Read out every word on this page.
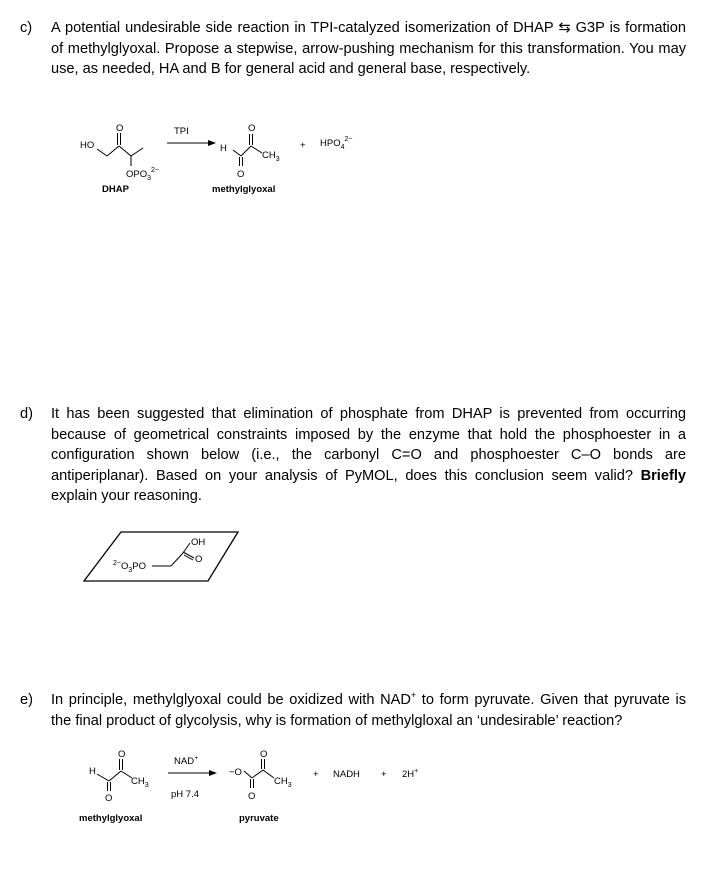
c) A potential undesirable side reaction in TPI-catalyzed isomerization of DHAP ⇆ G3P is formation of methylglyoxal. Propose a stepwise, arrow-pushing mechanism for this transformation. You may use, as needed, HA and B for general acid and general base, respectively.
HO
O
$OPO_3^{2-}$
DHAP
TPI
H
O
O
$CH_3$
methylglyoxal
+ $HPO_4^{2-}$
d) It has been suggested that elimination of phosphate from DHAP is prevented from occurring because of geometrical constraints imposed by the enzyme that hold the phosphoester in a configuration shown below (i.e., the carbonyl C=O and phosphoester C–O bonds are antiperiplanar). Based on your analysis of PyMOL, does this conclusion seem valid? Briefly explain your reasoning.
OH
O
$^{2-}O_3PO$
e) In principle, methylglyoxal could be oxidized with NAD+ to form pyruvate. Given that pyruvate is the final product of glycolysis, why is formation of methylgloxal an ‘undesirable’ reaction?
H
O
O
$CH_3$
methylglyoxal
NAD+
pH 7.4
−O
O
O
$CH_3$
pyruvate
+ NADH + 2H+
